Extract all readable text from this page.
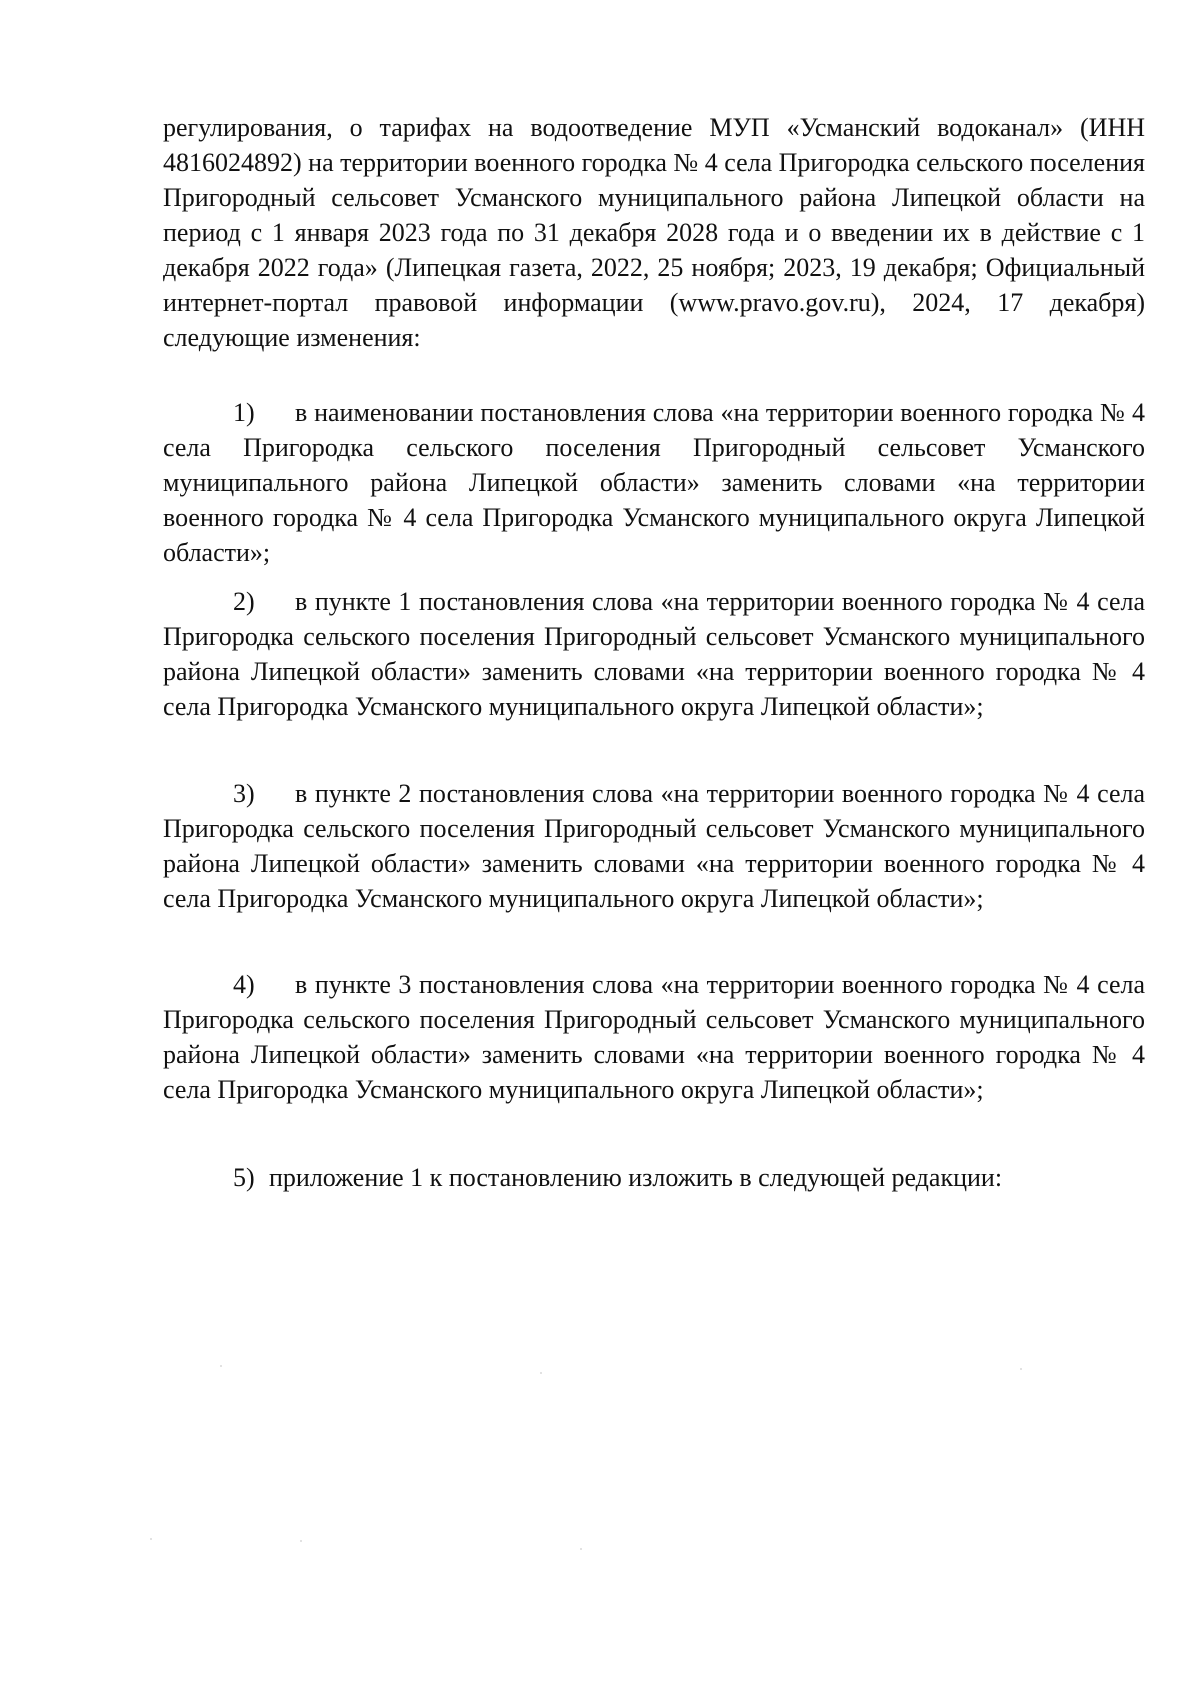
регулирования, о тарифах на водоотведение МУП «Усманский водоканал» (ИНН 4816024892) на территории военного городка № 4 села Пригородка сельского поселения Пригородный сельсовет Усманского муниципального района Липецкой области на период с 1 января 2023 года по 31 декабря 2028 года и о введении их в действие с 1 декабря 2022 года» (Липецкая газета, 2022, 25 ноября; 2023, 19 декабря; Официальный интернет-портал правовой информации (www.pravo.gov.ru), 2024, 17 декабря) следующие изменения:

1) в наименовании постановления слова «на территории военного городка № 4 села Пригородка сельского поселения Пригородный сельсовет Усманского муниципального района Липецкой области» заменить словами «на территории военного городка № 4 села Пригородка Усманского муниципального округа Липецкой области»;

2) в пункте 1 постановления слова «на территории военного городка № 4 села Пригородка сельского поселения Пригородный сельсовет Усманского муниципального района Липецкой области» заменить словами «на территории военного городка № 4 села Пригородка Усманского муниципального округа Липецкой области»;

3) в пункте 2 постановления слова «на территории военного городка № 4 села Пригородка сельского поселения Пригородный сельсовет Усманского муниципального района Липецкой области» заменить словами «на территории военного городка № 4 села Пригородка Усманского муниципального округа Липецкой области»;

4) в пункте 3 постановления слова «на территории военного городка № 4 села Пригородка сельского поселения Пригородный сельсовет Усманского муниципального района Липецкой области» заменить словами «на территории военного городка № 4 села Пригородка Усманского муниципального округа Липецкой области»;

5) приложение 1 к постановлению изложить в следующей редакции:
